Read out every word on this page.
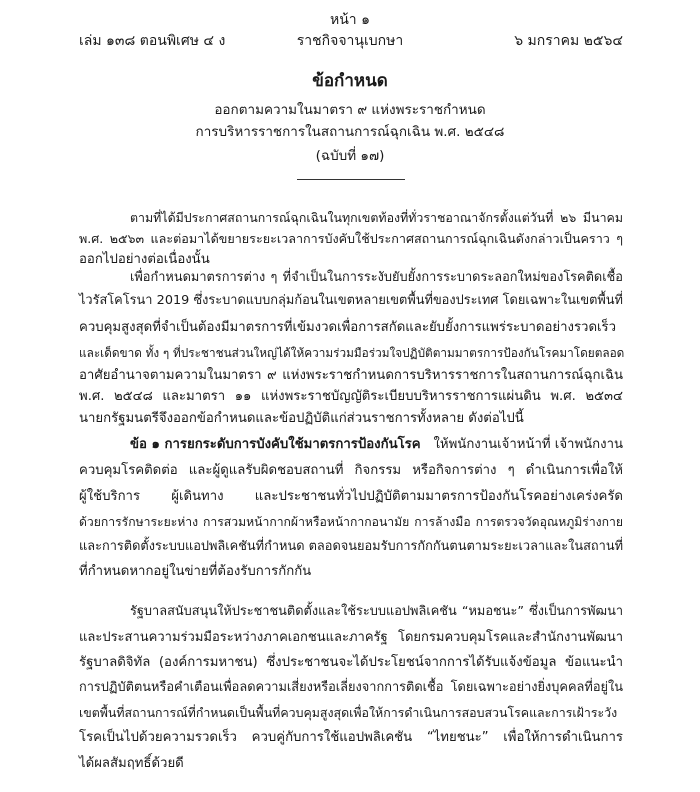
หน้า ๑
เล่ม ๑๓๘ ตอนพิเศษ ๔ ง	ราชกิจจานุเบกษา	๖ มกราคม ๒๕๖๔
ข้อกำหนด
ออกตามความในมาตรา ๙ แห่งพระราชกำหนด
การบริหารราชการในสถานการณ์ฉุกเฉิน พ.ศ. ๒๕๔๘
(ฉบับที่ ๑๗)
ตามที่ได้มีประกาศสถานการณ์ฉุกเฉินในทุกเขตท้องที่ทั่วราชอาณาจักรตั้งแต่วันที่ ๒๖ มีนาคม
พ.ศ. ๒๕๖๓ และต่อมาได้ขยายระยะเวลาการบังคับใช้ประกาศสถานการณ์ฉุกเฉินดังกล่าวเป็นคราว ๆ
ออกไปอย่างต่อเนื่องนั้น
เพื่อกำหนดมาตรการต่าง ๆ ที่จำเป็นในการระงับยับยั้งการระบาดระลอกใหม่ของโรคติดเชื้อ
ไวรัสโคโรนา 2019 ซึ่งระบาดแบบกลุ่มก้อนในเขตหลายเขตพื้นที่ของประเทศ โดยเฉพาะในเขตพื้นที่
ควบคุมสูงสุดที่จำเป็นต้องมีมาตรการที่เข้มงวดเพื่อการสกัดและยับยั้งการแพร่ระบาดอย่างรวดเร็ว
และเด็ดขาด ทั้ง ๆ ที่ประชาชนส่วนใหญ่ได้ให้ความร่วมมือร่วมใจปฏิบัติตามมาตรการป้องกันโรคมาโดยตลอด
อาศัยอำนาจตามความในมาตรา ๙ แห่งพระราชกำหนดการบริหารราชการในสถานการณ์ฉุกเฉิน
พ.ศ. ๒๕๔๘ และมาตรา ๑๑ แห่งพระราชบัญญัติระเบียบบริหารราชการแผ่นดิน พ.ศ. ๒๕๓๔
นายกรัฐมนตรีจึงออกข้อกำหนดและข้อปฏิบัติแก่ส่วนราชการทั้งหลาย ดังต่อไปนี้
ข้อ ๑ การยกระดับการบังคับใช้มาตรการป้องกันโรค ให้พนักงานเจ้าหน้าที่ เจ้าพนักงาน
ควบคุมโรคติดต่อ และผู้ดูแลรับผิดชอบสถานที่ กิจกรรม หรือกิจการต่าง ๆ ดำเนินการเพื่อให้
ผู้ใช้บริการ ผู้เดินทาง และประชาชนทั่วไปปฏิบัติตามมาตรการป้องกันโรคอย่างเคร่งครัด
ด้วยการรักษาระยะห่าง การสวมหน้ากากผ้าหรือหน้ากากอนามัย การล้างมือ การตรวจวัดอุณหภูมิร่างกาย
และการติดตั้งระบบแอปพลิเคชันที่กำหนด ตลอดจนยอมรับการกักกันตนตามระยะเวลาและในสถานที่
ที่กำหนดหากอยู่ในข่ายที่ต้องรับการกักกัน
รัฐบาลสนับสนุนให้ประชาชนติดตั้งและใช้ระบบแอปพลิเคชัน “หมอชนะ” ซึ่งเป็นการพัฒนา
และประสานความร่วมมือระหว่างภาคเอกชนและภาครัฐ โดยกรมควบคุมโรคและสำนักงานพัฒนา
รัฐบาลดิจิทัล (องค์การมหาชน) ซึ่งประชาชนจะได้ประโยชน์จากการได้รับแจ้งข้อมูล ข้อแนะนำ
การปฏิบัติตนหรือคำเตือนเพื่อลดความเสี่ยงหรือเลี่ยงจากการติดเชื้อ โดยเฉพาะอย่างยิ่งบุคคลที่อยู่ใน
เขตพื้นที่สถานการณ์ที่กำหนดเป็นพื้นที่ควบคุมสูงสุดเพื่อให้การดำเนินการสอบสวนโรคและการเฝ้าระวัง
โรคเป็นไปด้วยความรวดเร็ว ควบคู่กับการใช้แอปพลิเคชัน “ไทยชนะ” เพื่อให้การดำเนินการ
ได้ผลสัมฤทธิ์ด้วยดี
